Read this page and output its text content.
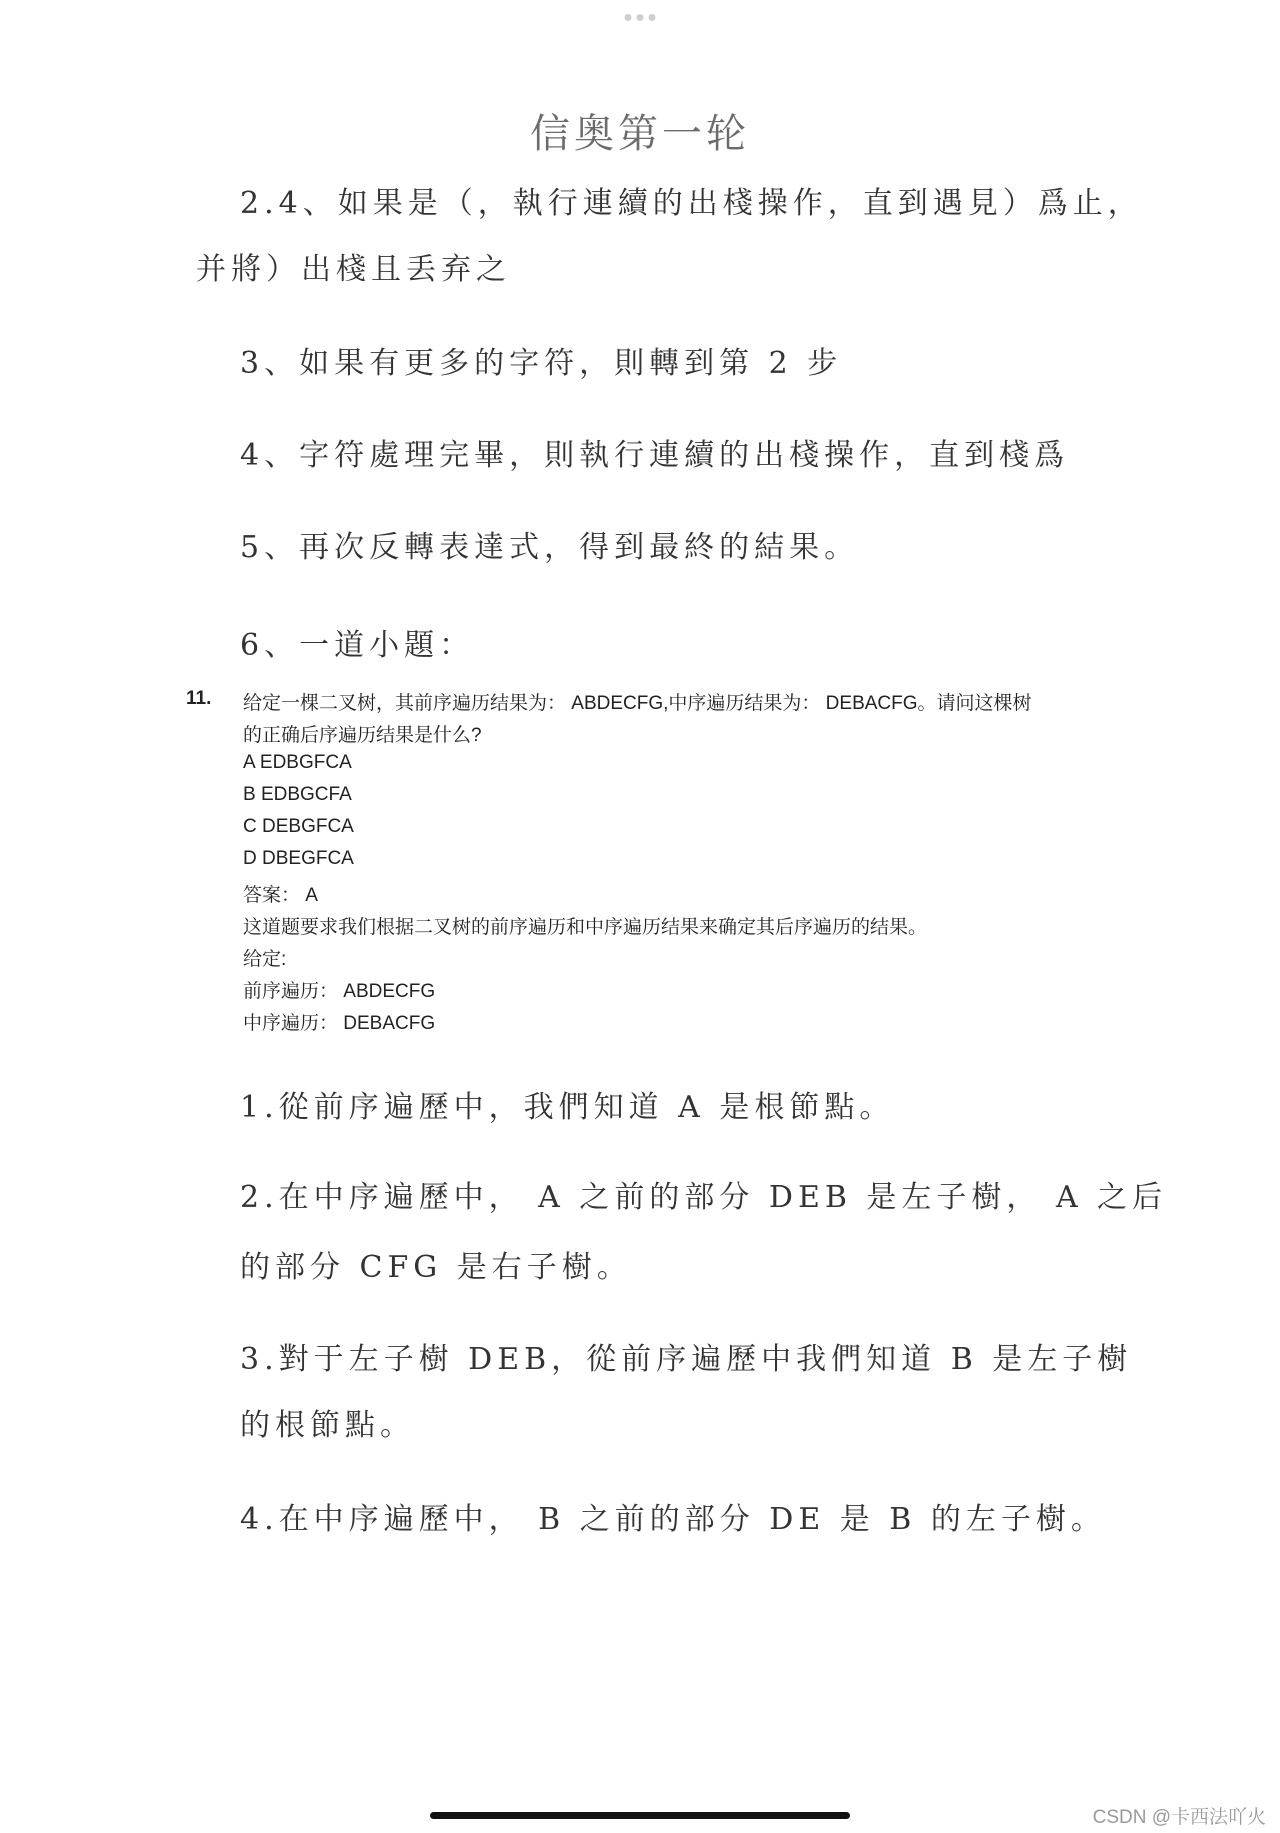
信奥第一轮
2.4、如果是（，執行連續的出棧操作，直到遇見）爲止，
并將）出棧且丢弃之
3、如果有更多的字符，則轉到第 2 步
4、字符處理完畢，則執行連續的出棧操作，直到棧爲
5、再次反轉表達式，得到最終的結果。
6、一道小題：
11. 给定一棵二叉树，其前序遍历结果为： ABDECFG,中序遍历结果为： DEBACFG。请问这棵树
的正确后序遍历结果是什么?
A EDBGFCA
B EDBGCFA
C DEBGFCA
D DBEGFCA
答案： A
这道题要求我们根据二叉树的前序遍历和中序遍历结果来确定其后序遍历的结果。
给定:
前序遍历： ABDECFG
中序遍历： DEBACFG
1.從前序遍歷中，我們知道 A 是根節點。
2.在中序遍歷中， A 之前的部分 DEB 是左子樹， A 之后
的部分 CFG 是右子樹。
3.對于左子樹 DEB，從前序遍歷中我們知道 B 是左子樹
的根節點。
4.在中序遍歷中， B 之前的部分 DE 是 B 的左子樹。
CSDN @卡西法吖火
